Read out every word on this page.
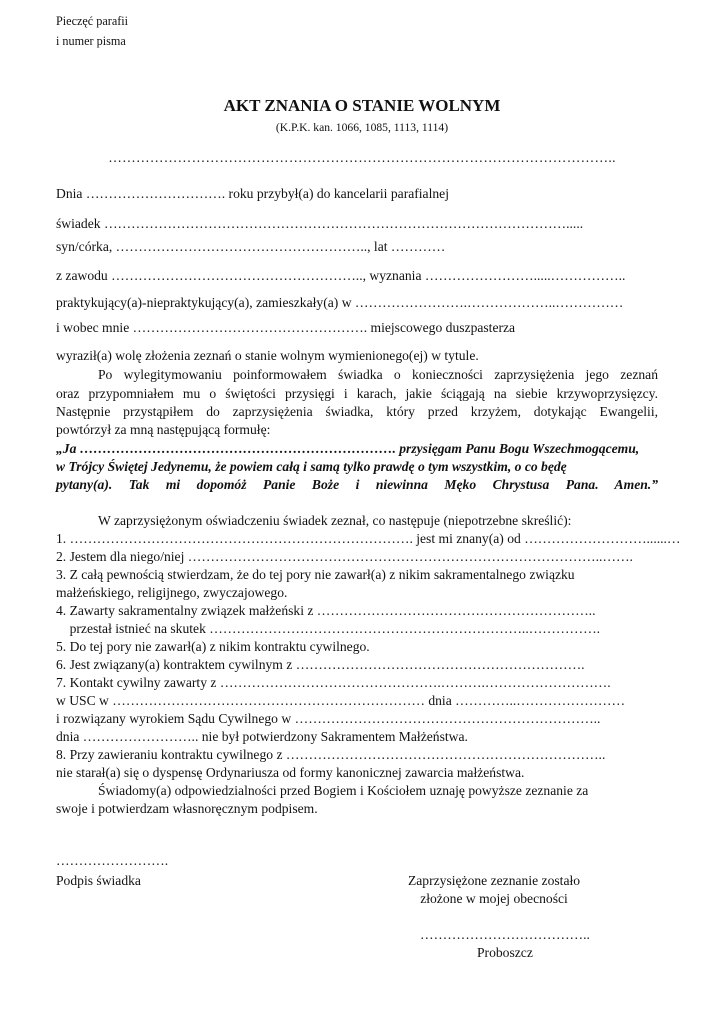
Pieczęć parafii
i numer pisma
AKT ZNANIA O STANIE WOLNYM
(K.P.K. kan. 1066, 1085, 1113, 1114)
………………………………………………………………………………………………..
Dnia …………………………. roku przybył(a) do kancelarii parafialnej
świadek ………………………………………………………………………………………….....
syn/córka, ……………………………………………….., lat …………
z zawodu ……………………………………………….., wyznania …………………….....……………..
praktykujący(a)-niepraktykujący(a), zamieszkały(a) w …………………….………………..……………
i wobec mnie ……………………………………………. miejscowego duszpasterza
wyraził(a) wolę złożenia zeznań o stanie wolnym wymienionego(ej) w tytule.
Po wylegitymowaniu poinformowałem świadka o konieczności zaprzysiężenia jego zeznań
oraz przypomniałem mu o świętości przysięgi i karach, jakie ściągają na siebie krzywoprzysięzcy.
Następnie przystąpiłem do zaprzysiężenia świadka, który przed krzyżem, dotykając Ewangelii,
powtórzył za mną następującą formułę:
„Ja ……………………………………………………………. przysięgam Panu Bogu Wszechmogącemu,
w Trójcy Świętej Jedynemu, że powiem całą i samą tylko prawdę o tym wszystkim, o co będę
pytany(a). Tak mi dopomóż Panie Boże i niewinna Męko Chrystusa Pana. Amen.”
W zaprzysiężonym oświadczeniu świadek zeznał, co następuje (niepotrzebne skreślić):
1. …………………………………………………………………. jest mi znany(a) od ………………………......…
2. Jestem dla niego/niej ………………………………………………………………………………..…….
3. Z całą pewnością stwierdzam, że do tej pory nie zawarł(a) z nikim sakramentalnego związku
małżeńskiego, religijnego, zwyczajowego.
4. Zawarty sakramentalny związek małżeński z ……………………………………………………..
przestał istnieć na skutek ……………………………………………………………..…………….
5. Do tej pory nie zawarł(a) z nikim kontraktu cywilnego.
6. Jest związany(a) kontraktem cywilnym z ……………………………………………………….
7. Kontakt cywilny zawarty z ………………………………………….……….……………………….
w USC w …………………………………………………………… dnia …………..……………………
i rozwiązany wyrokiem Sądu Cywilnego w …………………………………………………………..
dnia …………………….. nie był potwierdzony Sakramentem Małżeństwa.
8. Przy zawieraniu kontraktu cywilnego z ……………………………………………………………..
nie starał(a) się o dyspensę Ordynariusza od formy kanonicznej zawarcia małżeństwa.
Świadomy(a) odpowiedzialności przed Bogiem i Kościołem uznaję powyższe zeznanie za
swoje i potwierdzam własnoręcznym podpisem.
…………………….
Podpis świadka	Zaprzysiężone zeznanie zostało
złożone w mojej obecności
………………………………..
Proboszcz
